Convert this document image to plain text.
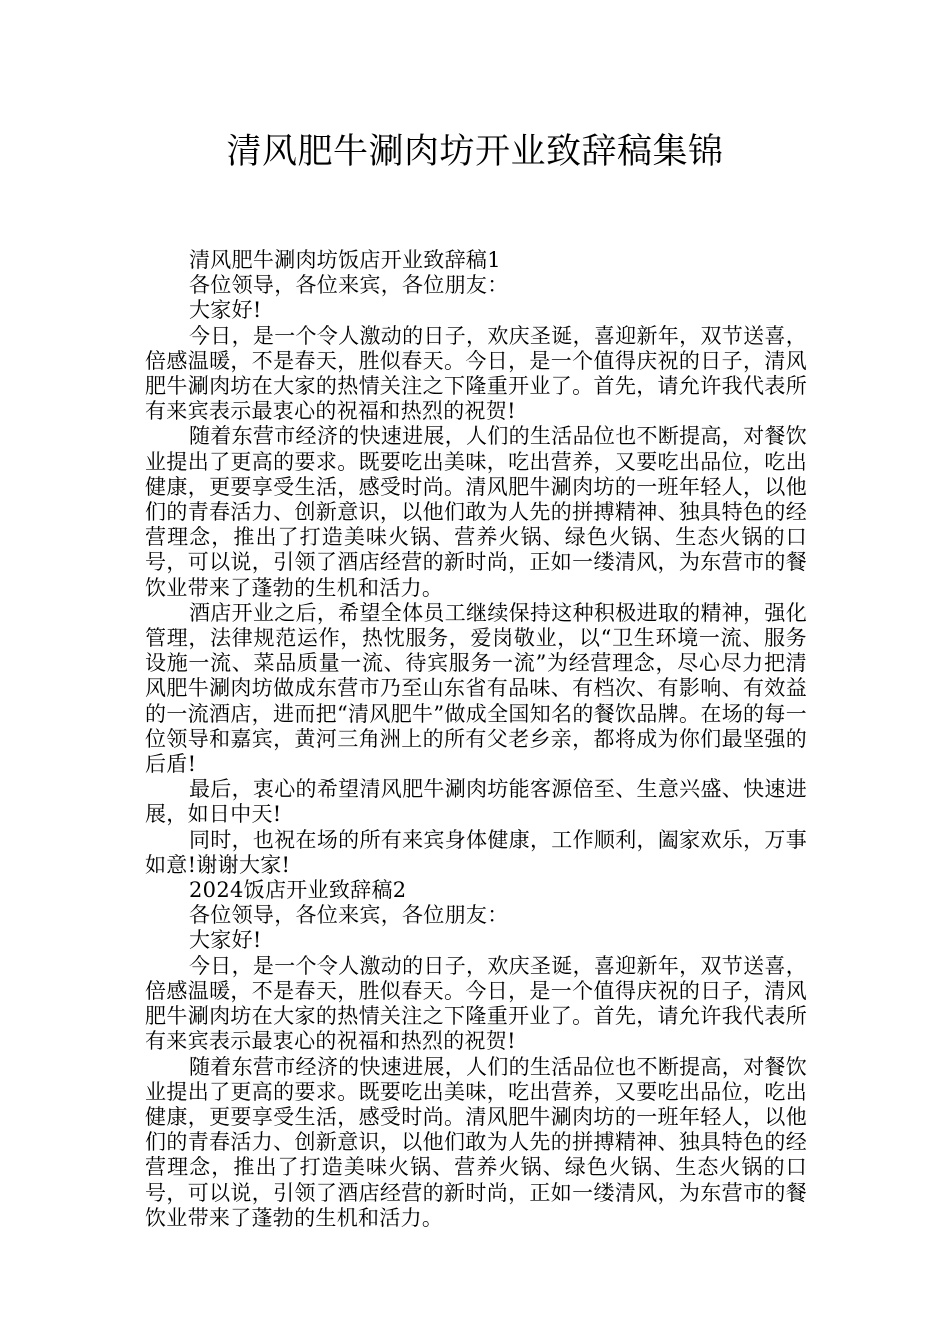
清风肥牛涮肉坊开业致辞稿集锦

清风肥牛涮肉坊饭店开业致辞稿1

各位领导，各位来宾，各位朋友：

大家好!

今日，是一个令人激动的日子，欢庆圣诞，喜迎新年，双节送喜，倍感温暖，不是春天，胜似春天。今日，是一个值得庆祝的日子，清风肥牛涮肉坊在大家的热情关注之下隆重开业了。首先，请允许我代表所有来宾表示最衷心的祝福和热烈的祝贺!

随着东营市经济的快速进展，人们的生活品位也不断提高，对餐饮业提出了更高的要求。既要吃出美味，吃出营养，又要吃出品位，吃出健康，更要享受生活，感受时尚。清风肥牛涮肉坊的一班年轻人，以他们的青春活力、创新意识，以他们敢为人先的拼搏精神、独具特色的经营理念，推出了打造美味火锅、营养火锅、绿色火锅、生态火锅的口号，可以说，引领了酒店经营的新时尚，正如一缕清风，为东营市的餐饮业带来了蓬勃的生机和活力。

酒店开业之后，希望全体员工继续保持这种积极进取的精神，强化管理，法律规范运作，热忱服务，爱岗敬业，以“卫生环境一流、服务设施一流、菜品质量一流、待宾服务一流”为经营理念，尽心尽力把清风肥牛涮肉坊做成东营市乃至山东省有品味、有档次、有影响、有效益的一流酒店，进而把“清风肥牛”做成全国知名的餐饮品牌。在场的每一位领导和嘉宾，黄河三角洲上的所有父老乡亲，都将成为你们最坚强的后盾!

最后，衷心的希望清风肥牛涮肉坊能客源倍至、生意兴盛、快速进展，如日中天!

同时，也祝在场的所有来宾身体健康，工作顺利，阖家欢乐，万事如意!谢谢大家!

2024饭店开业致辞稿2

各位领导，各位来宾，各位朋友：

大家好!

今日，是一个令人激动的日子，欢庆圣诞，喜迎新年，双节送喜，倍感温暖，不是春天，胜似春天。今日，是一个值得庆祝的日子，清风肥牛涮肉坊在大家的热情关注之下隆重开业了。首先，请允许我代表所有来宾表示最衷心的祝福和热烈的祝贺!

随着东营市经济的快速进展，人们的生活品位也不断提高，对餐饮业提出了更高的要求。既要吃出美味，吃出营养，又要吃出品位，吃出健康，更要享受生活，感受时尚。清风肥牛涮肉坊的一班年轻人，以他们的青春活力、创新意识，以他们敢为人先的拼搏精神、独具特色的经营理念，推出了打造美味火锅、营养火锅、绿色火锅、生态火锅的口号，可以说，引领了酒店经营的新时尚，正如一缕清风，为东营市的餐饮业带来了蓬勃的生机和活力。
